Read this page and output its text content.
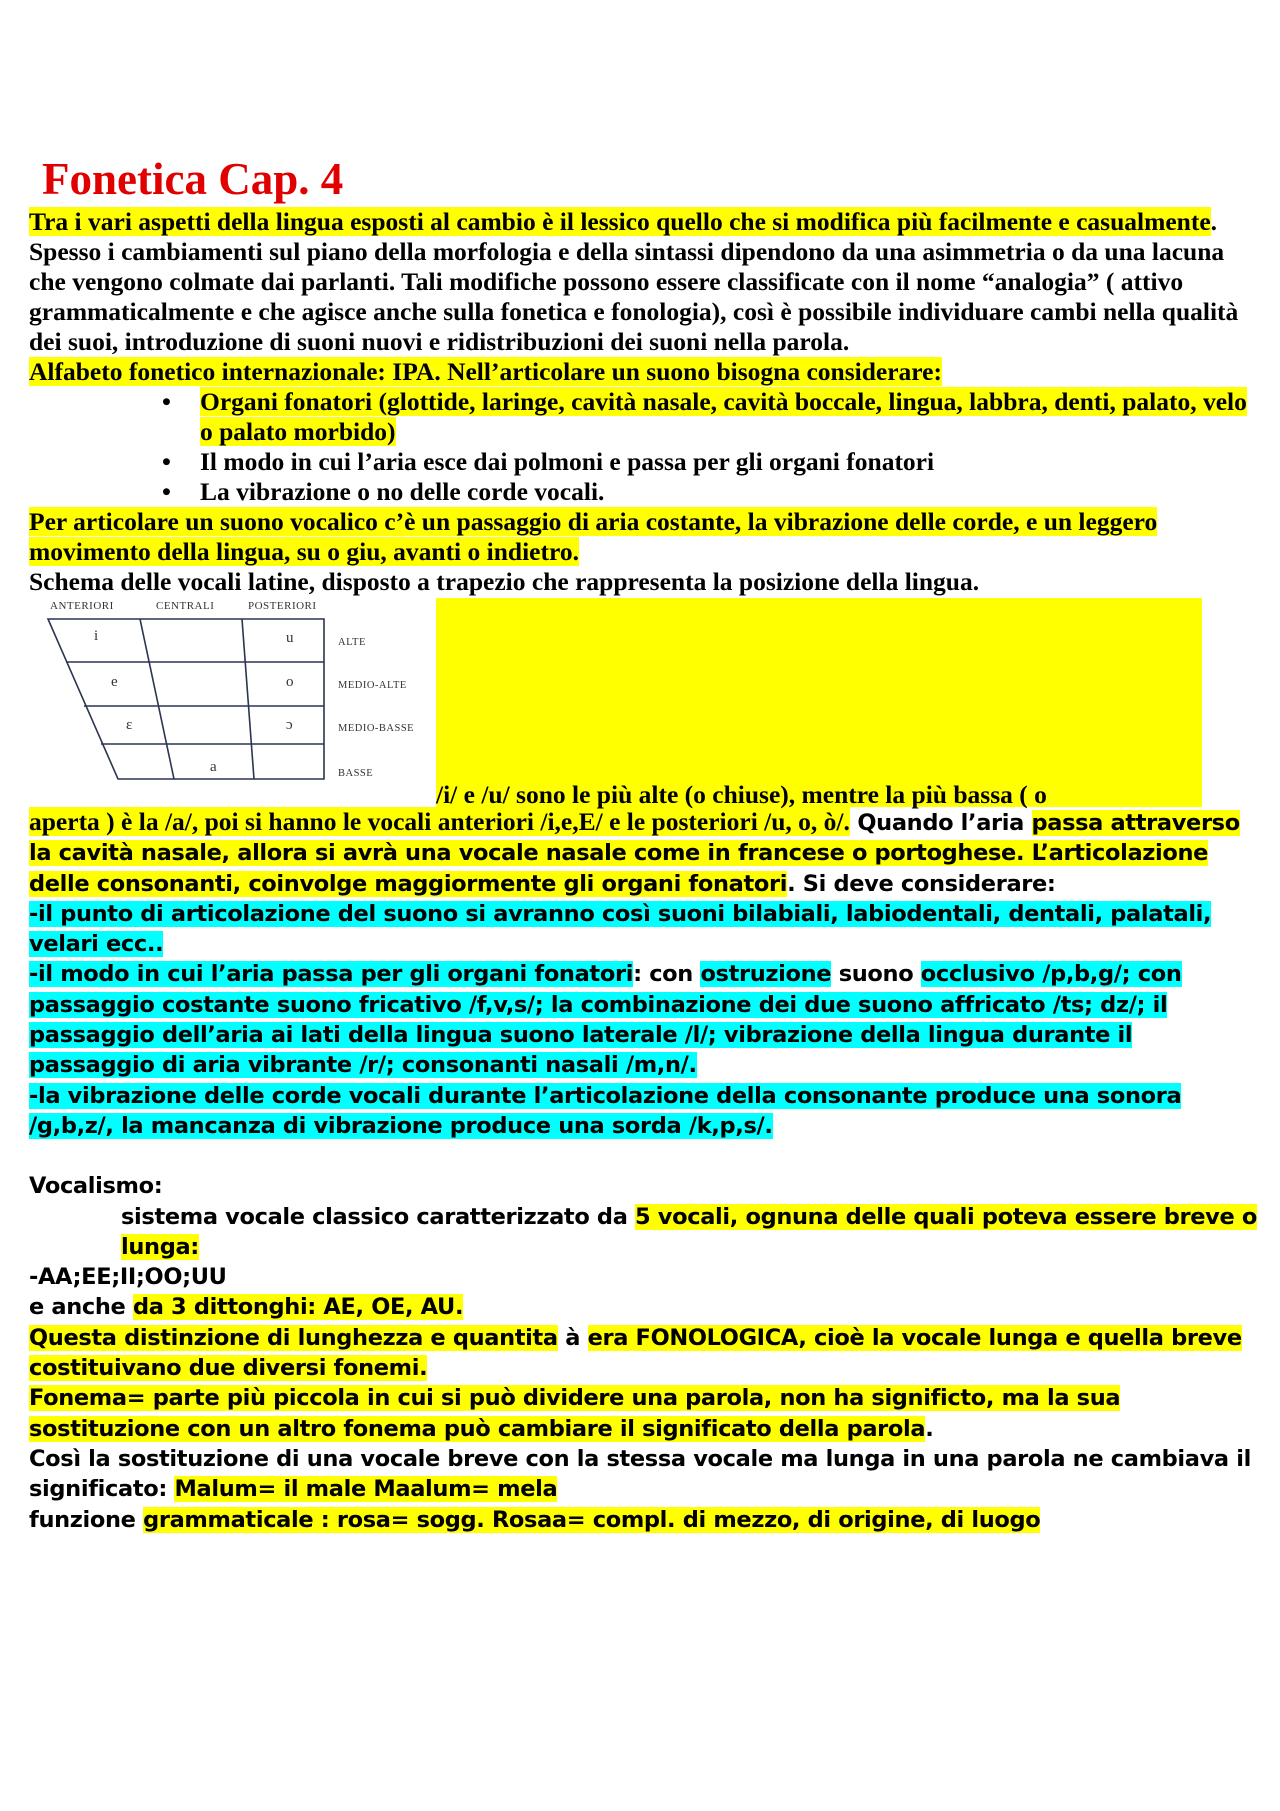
Fonetica Cap. 4

Tra i vari aspetti della lingua esposti al cambio è il lessico quello che si modifica più facilmente e casualmente. Spesso i cambiamenti sul piano della morfologia e della sintassi dipendono da una asimmetria o da una lacuna che vengono colmate dai parlanti. Tali modifiche possono essere classificate con il nome “analogia” ( attivo grammaticalmente e che agisce anche sulla fonetica e fonologia), così è possibile individuare cambi nella qualità dei suoi, introduzione di suoni nuovi e ridistribuzioni dei suoni nella parola.

Alfabeto fonetico internazionale: IPA. Nell’articolare un suono bisogna considerare:

• Organi fonatori (glottide, laringe, cavità nasale, cavità boccale, lingua, labbra, denti, palato, velo o palato morbido)
• Il modo in cui l’aria esce dai polmoni e passa per gli organi fonatori
• La vibrazione o no delle corde vocali.

Per articolare un suono vocalico c’è un passaggio di aria costante, la vibrazione delle corde, e un leggero movimento della lingua, su o giu, avanti o indietro.

Schema delle vocali latine, disposto a trapezio che rappresenta la posizione della lingua.

ANTERIORI	CENTRALI	POSTERIORI
i	u
e	o
ɛ	ɔ
a
ALTE
MEDIO-ALTE
MEDIO-BASSE
BASSE
/i/ e /u/ sono le più alte (o chiuse), mentre la più bassa ( o

aperta ) è la /a/, poi si hanno le vocali anteriori /i,e,E/ e le posteriori /u, o, ò/. Quando l’aria passa attraverso la cavità nasale, allora si avrà una vocale nasale come in francese o portoghese. L’articolazione delle consonanti, coinvolge maggiormente gli organi fonatori. Si deve considerare:

-il punto di articolazione del suono si avranno così suoni bilabiali, labiodentali, dentali, palatali, velari ecc..

-il modo in cui l’aria passa per gli organi fonatori: con ostruzione suono occlusivo /p,b,g/; con passaggio costante suono fricativo /f,v,s/; la combinazione dei due suono affricato /ts; dz/; il passaggio dell’aria ai lati della lingua suono laterale /l/; vibrazione della lingua durante il passaggio di aria vibrante /r/; consonanti nasali /m,n/.

-la vibrazione delle corde vocali durante l’articolazione della consonante produce una sonora /g,b,z/, la mancanza di vibrazione produce una sorda /k,p,s/.

Vocalismo:

sistema vocale classico caratterizzato da 5 vocali, ognuna delle quali poteva essere breve o lunga:

-AA;EE;II;OO;UU

e anche da 3 dittonghi: AE, OE, AU.

Questa distinzione di lunghezza e quantita à era FONOLOGICA, cioè la vocale lunga e quella breve costituivano due diversi fonemi.

Fonema= parte più piccola in cui si può dividere una parola, non ha significto, ma la sua sostituzione con un altro fonema può cambiare il significato della parola.

Così la sostituzione di una vocale breve con la stessa vocale ma lunga in una parola ne cambiava il significato: Malum= il male Maalum= mela

funzione grammaticale : rosa= sogg. Rosaa= compl. di mezzo, di origine, di luogo
